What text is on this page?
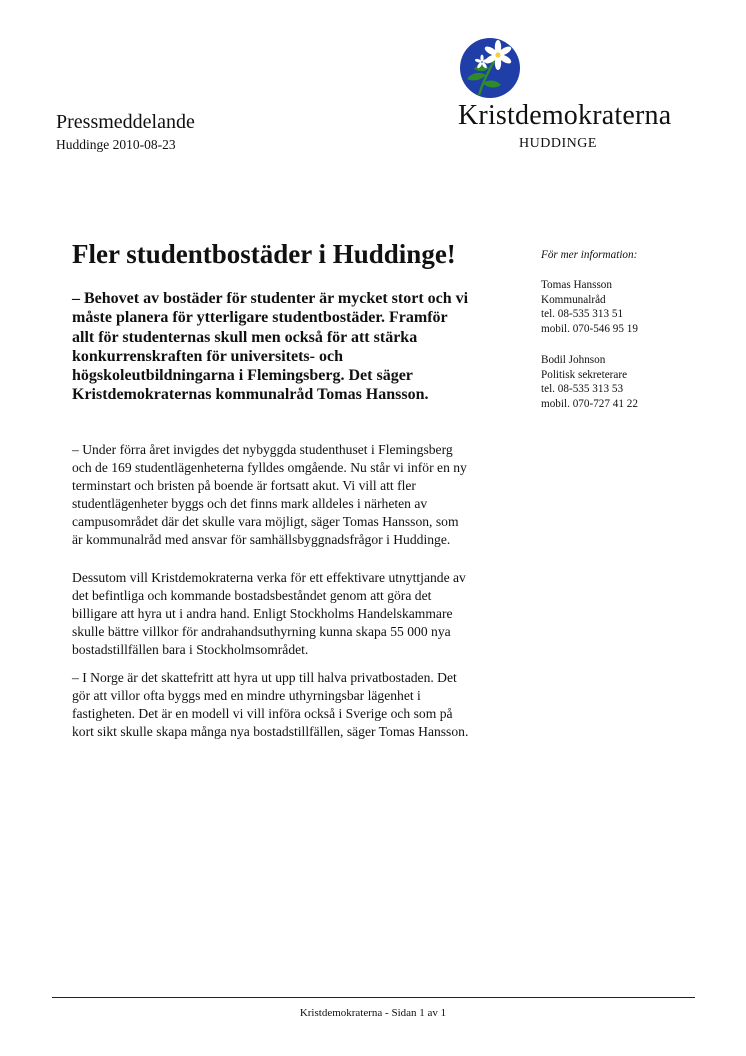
Pressmeddelande
Huddinge 2010-08-23
Kristdemokraterna
HUDDINGE
Fler studentbostäder i Huddinge!

– Behovet av bostäder för studenter är mycket stort och vi

måste planera för ytterligare studentbostäder. Framför

allt för studenternas skull men också för att stärka

konkurrenskraften för universitets- och

högskoleutbildningarna i Flemingsberg. Det säger

Kristdemokraternas kommunalråd Tomas Hansson.

– Under förra året invigdes det nybyggda studenthuset i Flemingsberg

och de 169 studentlägenheterna fylldes omgående. Nu står vi inför en ny

terminstart och bristen på boende är fortsatt akut. Vi vill att fler

studentlägenheter byggs och det finns mark alldeles i närheten av

campusområdet där det skulle vara möjligt, säger Tomas Hansson, som

är kommunalråd med ansvar för samhällsbyggnadsfrågor i Huddinge.

Dessutom vill Kristdemokraterna verka för ett effektivare utnyttjande av

det befintliga och kommande bostadsbeståndet genom att göra det

billigare att hyra ut i andra hand. Enligt Stockholms Handelskammare

skulle bättre villkor för andrahandsuthyrning kunna skapa 55 000 nya

bostadstillfällen bara i Stockholmsområdet.

– I Norge är det skattefritt att hyra ut upp till halva privatbostaden. Det

gör att villor ofta byggs med en mindre uthyrningsbar lägenhet i

fastigheten. Det är en modell vi vill införa också i Sverige och som på

kort sikt skulle skapa många nya bostadstillfällen, säger Tomas Hansson.

För mer information:
Tomas Hansson
Kommunalråd
tel. 08-535 313 51
mobil. 070-546 95 19
Bodil Johnson
Politisk sekreterare
tel. 08-535 313 53
mobil. 070-727 41 22
Kristdemokraterna - Sidan 1 av 1
